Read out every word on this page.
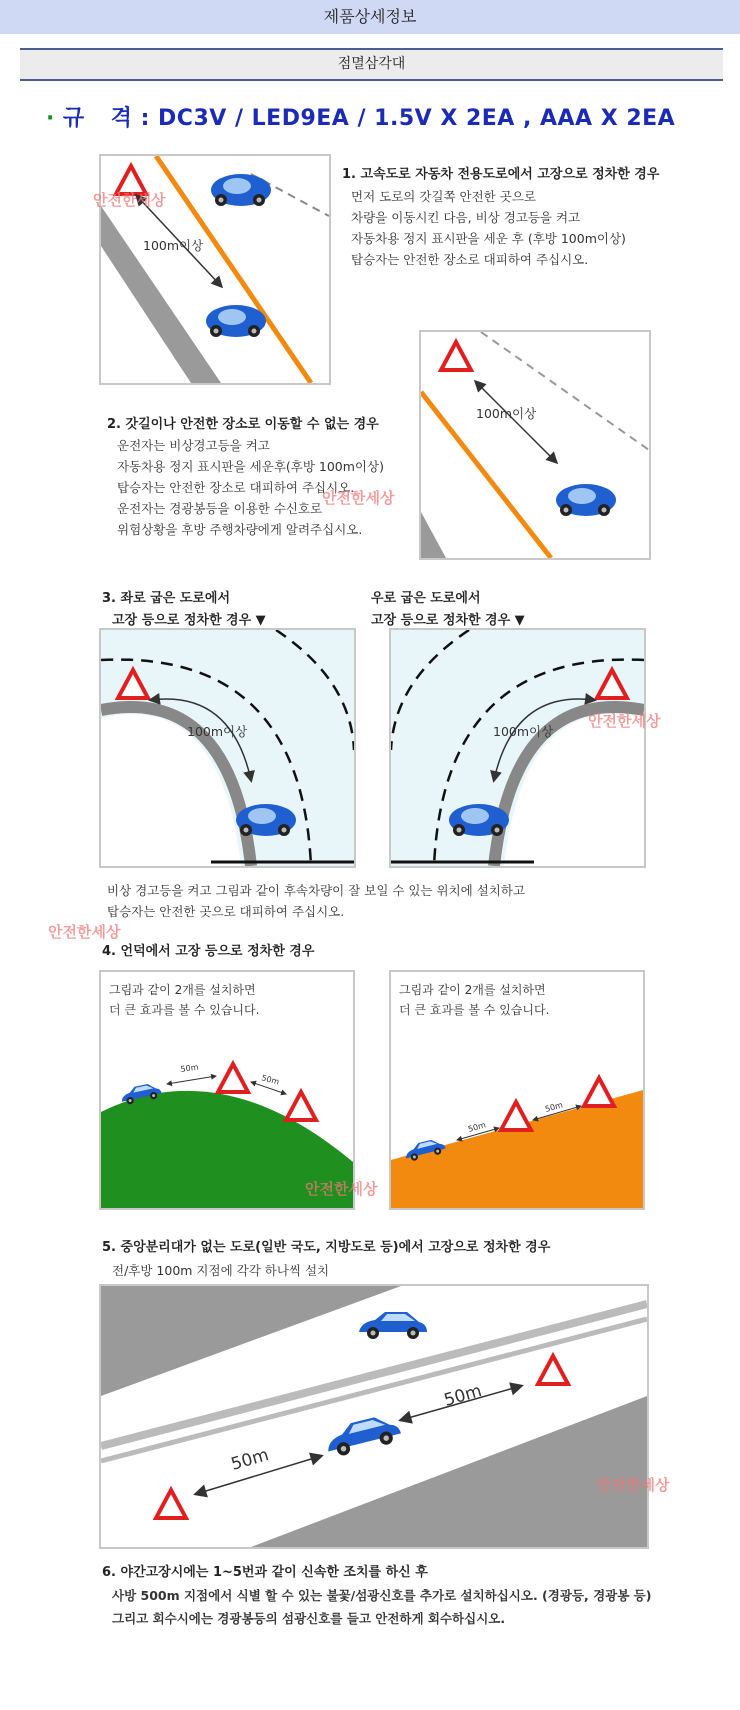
제품상세정보
점멸삼각대
· 규 격 : DC3V / LED9EA / 1.5V X 2EA , AAA X 2EA
100m이상
안전한세상
1. 고속도로 자동차 전용도로에서 고장으로 정차한 경우
먼저 도로의 갓길쪽 안전한 곳으로
차량을 이동시킨 다음, 비상 경고등을 켜고
자동차용 정지 표시판을 세운 후 (후방 100m이상)
탑승자는 안전한 장소로 대피하여 주십시오.
100m이상
2. 갓길이나 안전한 장소로 이동할 수 없는 경우
운전자는 비상경고등을 켜고
자동차용 정지 표시판을 세운후(후방 100m이상)
탑승자는 안전한 장소로 대피하여 주십시오.
운전자는 경광봉등을 이용한 수신호로
위험상황을 후방 주행차량에게 알려주십시오.
안전한세상
3. 좌로 굽은 도로에서
고장 등으로 정차한 경우 ▼
우로 굽은 도로에서
고장 등으로 정차한 경우 ▼
100m이상	100m이상
안전한세상
비상 경고등을 켜고 그림과 같이 후속차량이 잘 보일 수 있는 위치에 설치하고
탑승자는 안전한 곳으로 대피하여 주십시오.
안전한세상
4. 언덕에서 고장 등으로 정차한 경우
그림과 같이 2개를 설치하면
더 큰 효과를 볼 수 있습니다.
50m
50m
그림과 같이 2개를 설치하면
더 큰 효과를 볼 수 있습니다.
50m
50m
안전한세상
5. 중앙분리대가 없는 도로(일반 국도, 지방도로 등)에서 고장으로 정차한 경우
전/후방 100m 지점에 각각 하나씩 설치
50m
50m
안전한세상
6. 야간고장시에는 1~5번과 같이 신속한 조치를 하신 후
사방 500m 지점에서 식별 할 수 있는 불꽃/섬광신호를 추가로 설치하십시오. (경광등, 경광봉 등)
그리고 회수시에는 경광봉등의 섬광신호를 들고 안전하게 회수하십시오.
